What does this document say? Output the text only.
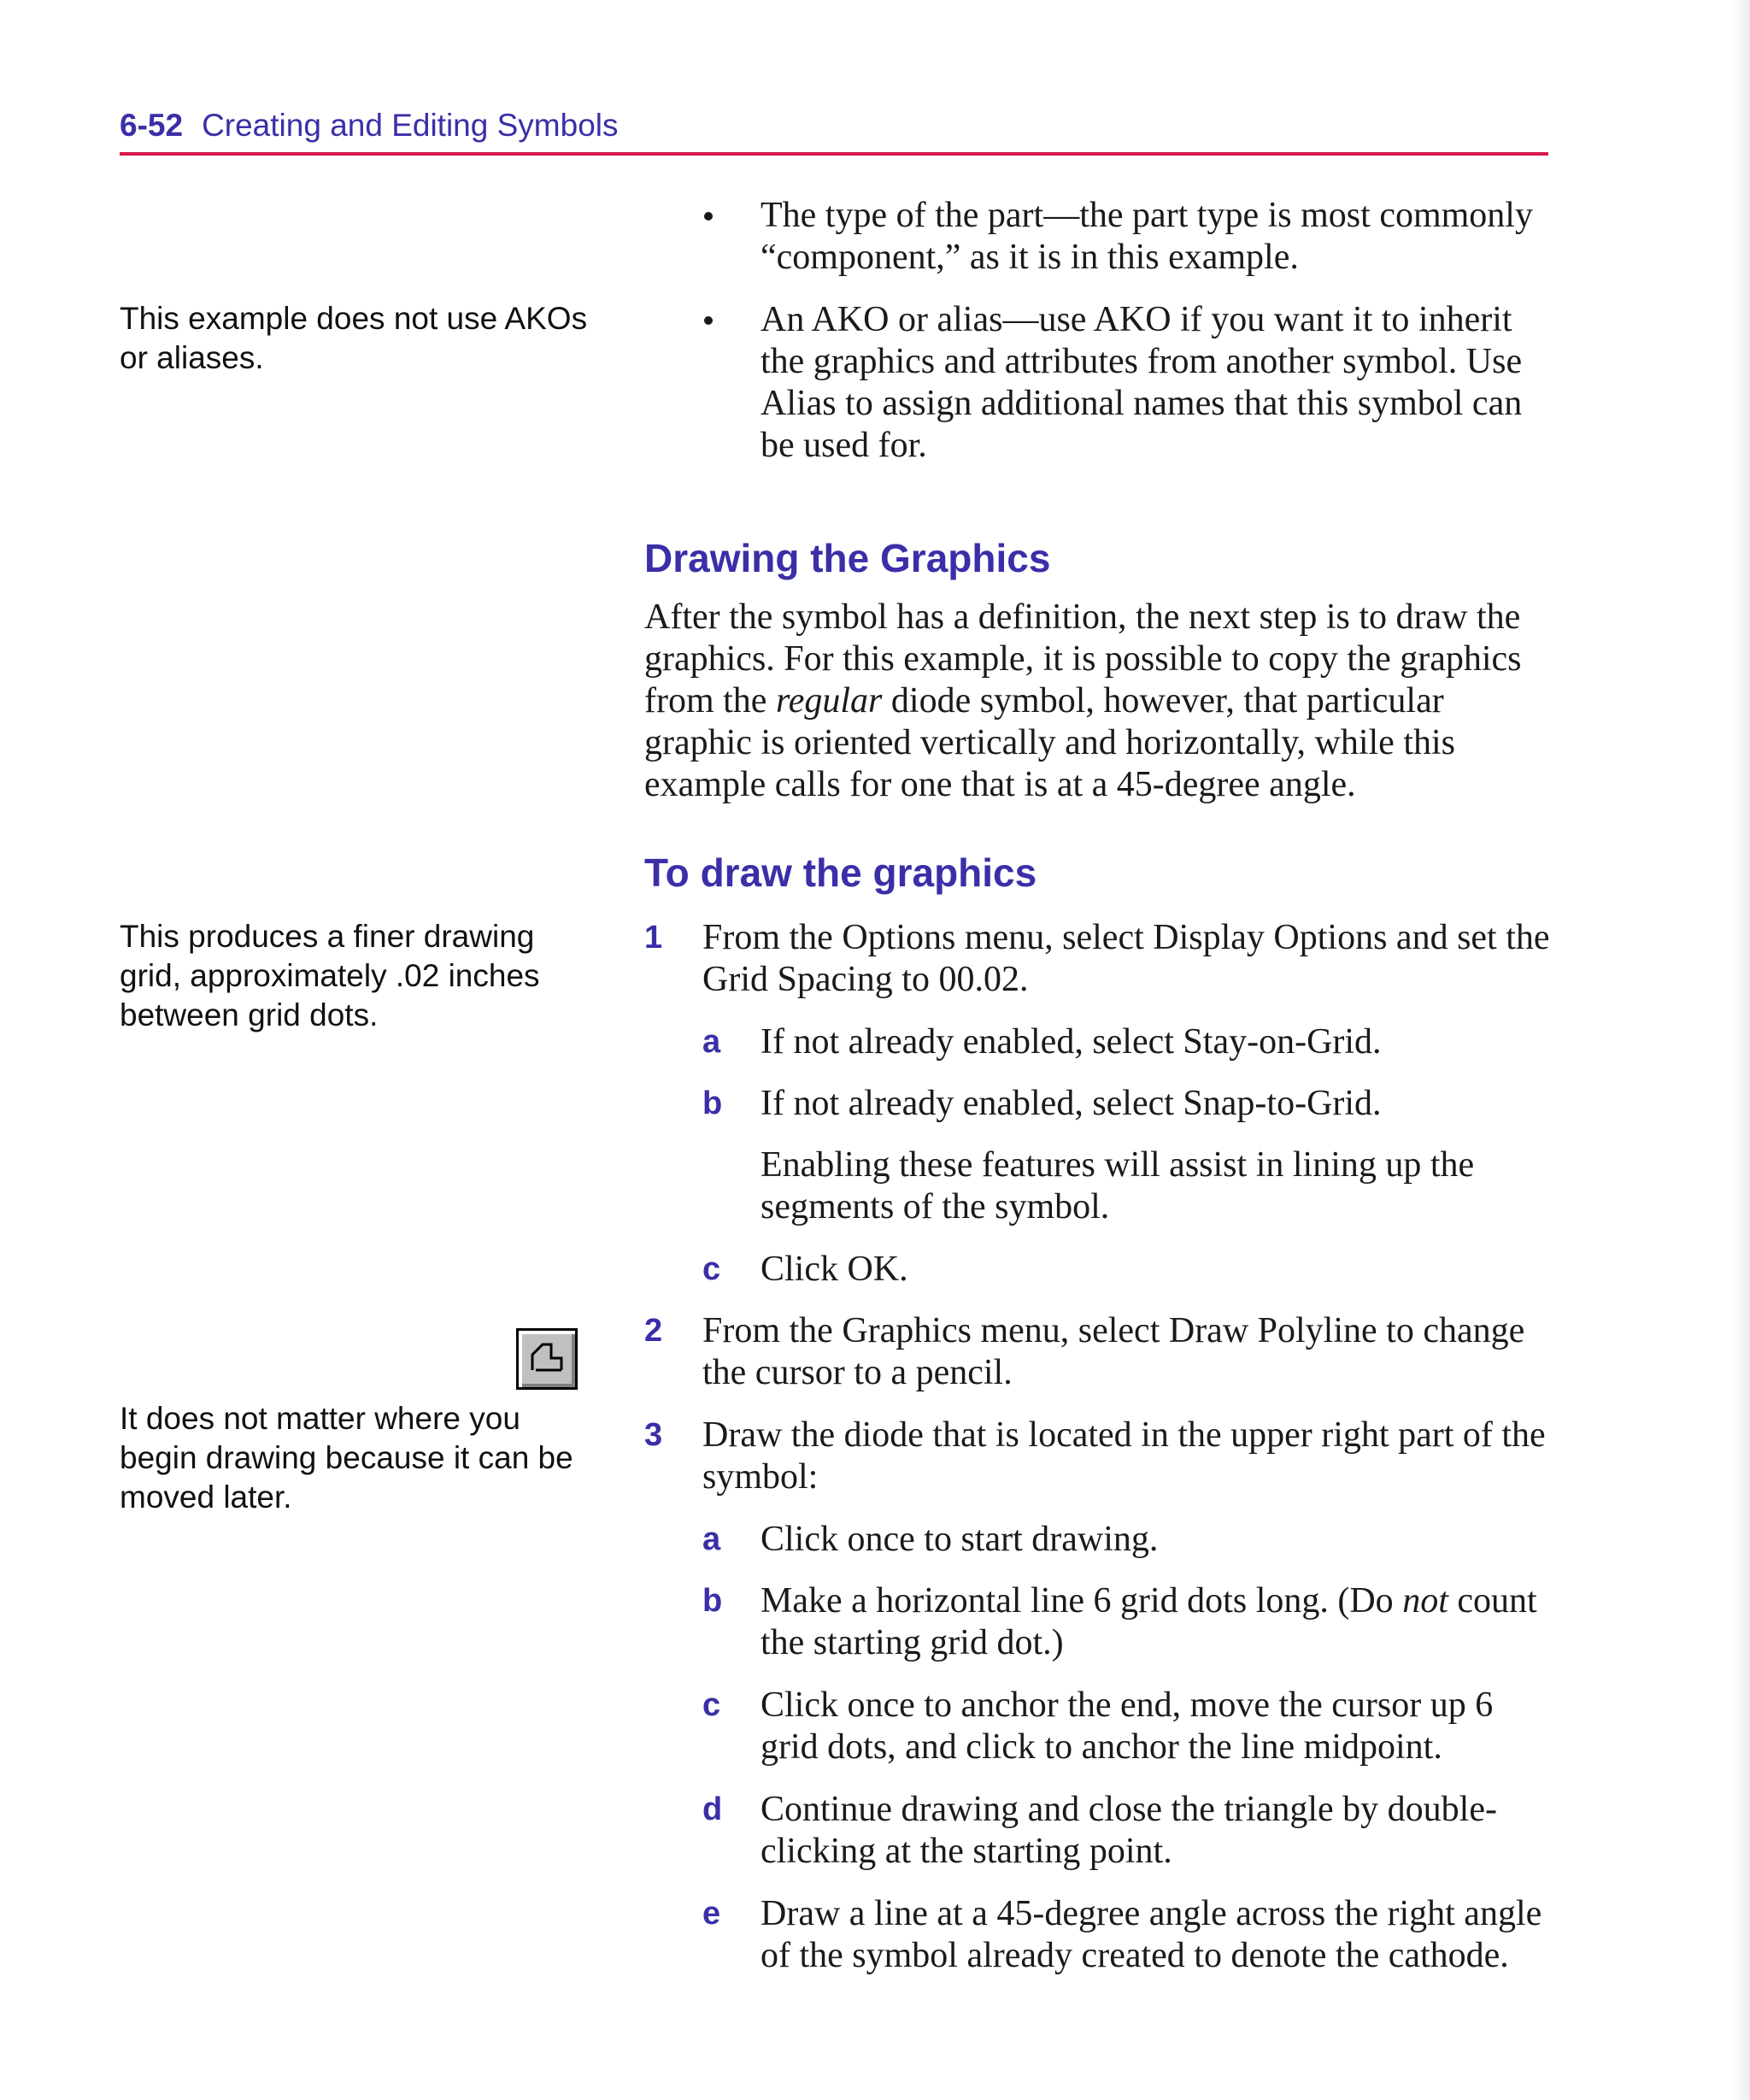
6-52 Creating and Editing Symbols

This example does not use AKOs or aliases.

This produces a finer drawing grid, approximately .02 inches between grid dots.

It does not matter where you begin drawing because it can be moved later.

The type of the part—the part type is most commonly “component,” as it is in this example.

An AKO or alias—use AKO if you want it to inherit the graphics and attributes from another symbol. Use Alias to assign additional names that this symbol can be used for.

Drawing the Graphics

After the symbol has a definition, the next step is to draw the graphics. For this example, it is possible to copy the graphics from the regular diode symbol, however, that particular graphic is oriented vertically and horizontally, while this example calls for one that is at a 45-degree angle.

To draw the graphics

1 From the Options menu, select Display Options and set the Grid Spacing to 00.02.

a If not already enabled, select Stay-on-Grid.

b If not already enabled, select Snap-to-Grid.

Enabling these features will assist in lining up the segments of the symbol.

c Click OK.

2 From the Graphics menu, select Draw Polyline to change the cursor to a pencil.

3 Draw the diode that is located in the upper right part of the symbol:

a Click once to start drawing.

b Make a horizontal line 6 grid dots long. (Do not count the starting grid dot.)

c Click once to anchor the end, move the cursor up 6 grid dots, and click to anchor the line midpoint.

d Continue drawing and close the triangle by double-clicking at the starting point.

e Draw a line at a 45-degree angle across the right angle of the symbol already created to denote the cathode.
